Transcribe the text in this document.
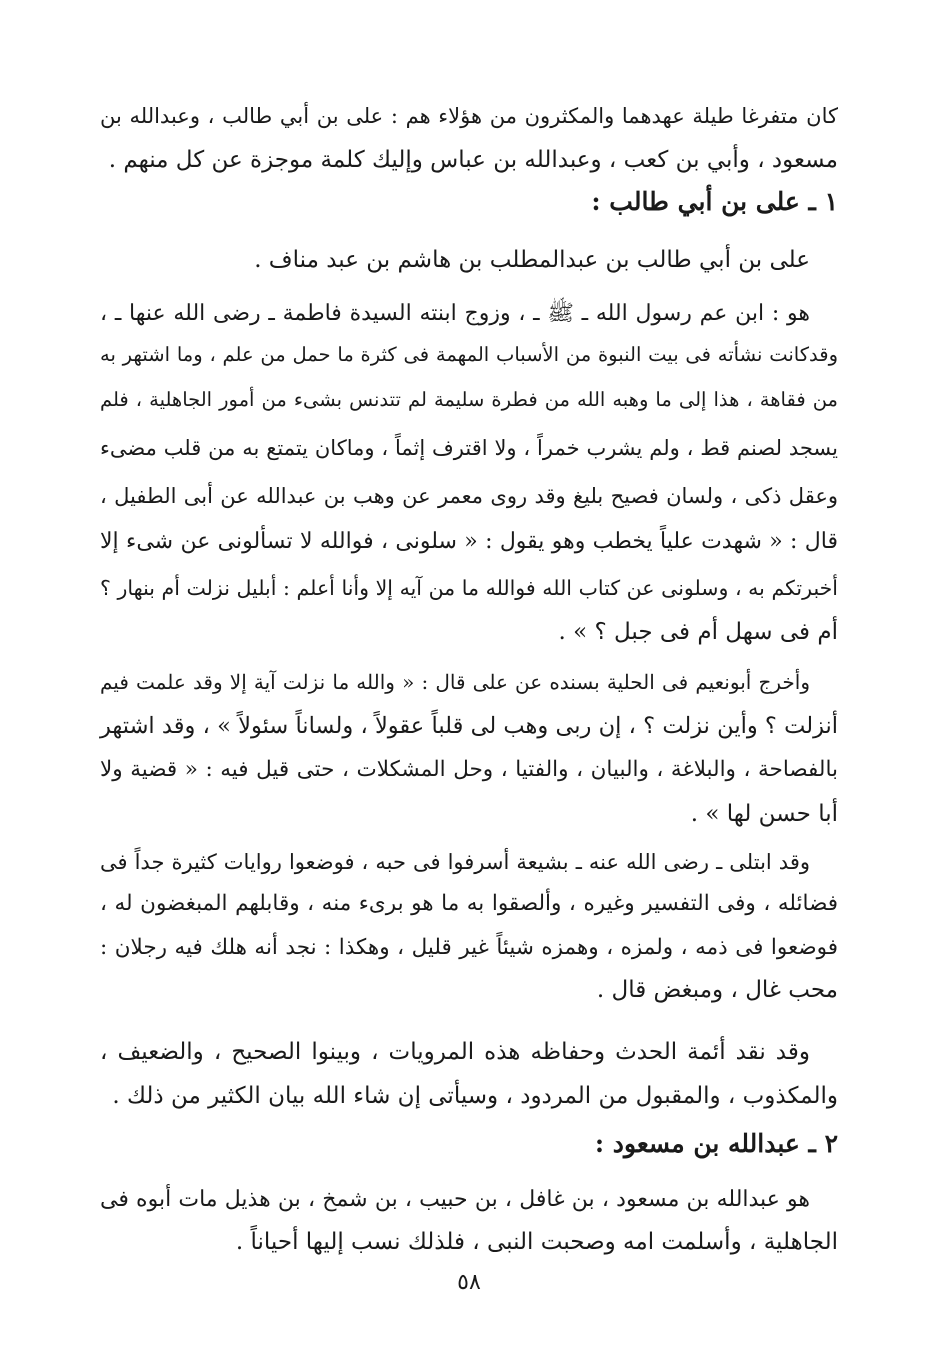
كان متفرغا طيلة عهدهما والمكثرون من هؤلاء هم : على بن أبي طالب ، وعبدالله بن
مسعود ، وأبي بن كعب ، وعبدالله بن عباس وإليك كلمة موجزة عن كل منهم .
١ ـ على بن أبي طالب :
على بن أبي طالب بن عبدالمطلب بن هاشم بن عبد مناف .
هو : ابن عم رسول الله ـ ﷺ ـ ، وزوج ابنته السيدة فاطمة ـ رضى الله عنها ـ ،
وقدكانت نشأته فى بيت النبوة من الأسباب المهمة فى كثرة ما حمل من علم ، وما اشتهر به
من فقاهة ، هذا إلى ما وهبه الله من فطرة سليمة لم تتدنس بشىء من أمور الجاهلية ، فلم
يسجد لصنم قط ، ولم يشرب خمراً ، ولا اقترف إثماً ، وماكان يتمتع به من قلب مضىء
وعقل ذكى ، ولسان فصيح بليغ وقد روى معمر عن وهب بن عبدالله عن أبى الطفيل ،
قال : « شهدت علياً يخطب وهو يقول : « سلونى ، فوالله لا تسألونى عن شىء إلا
أخبرتكم به ، وسلونى عن كتاب الله فوالله ما من آيه إلا وأنا أعلم : أبليل نزلت أم بنهار ؟
أم فى سهل أم فى جبل ؟ » .
وأخرج أبونعيم فى الحلية بسنده عن على قال : « والله ما نزلت آية إلا وقد علمت فيم
أنزلت ؟ وأين نزلت ؟ ، إن ربى وهب لى قلباً عقولاً ، ولساناً سئولاً » ، وقد اشتهر
بالفصاحة ، والبلاغة ، والبيان ، والفتيا ، وحل المشكلات ، حتى قيل فيه : « قضية ولا
أبا حسن لها » .
وقد ابتلى ـ رضى الله عنه ـ بشيعة أسرفوا فى حبه ، فوضعوا روايات كثيرة جداً فى
فضائله ، وفى التفسير وغيره ، وألصقوا به ما هو برىء منه ، وقابلهم المبغضون له ،
فوضعوا فى ذمه ، ولمزه ، وهمزه شيئاً غير قليل ، وهكذا : نجد أنه هلك فيه رجلان :
محب غال ، ومبغض قال .
وقد نقد أئمة الحدث وحفاظه هذه المرويات ، وبينوا الصحيح ، والضعيف ،
والمكذوب ، والمقبول من المردود ، وسيأتى إن شاء الله بيان الكثير من ذلك .
٢ ـ عبدالله بن مسعود :
هو عبدالله بن مسعود ، بن غافل ، بن حبيب ، بن شمخ ، بن هذيل مات أبوه فى
الجاهلية ، وأسلمت امه وصحبت النبى ، فلذلك نسب إليها أحياناً .
٥٨
